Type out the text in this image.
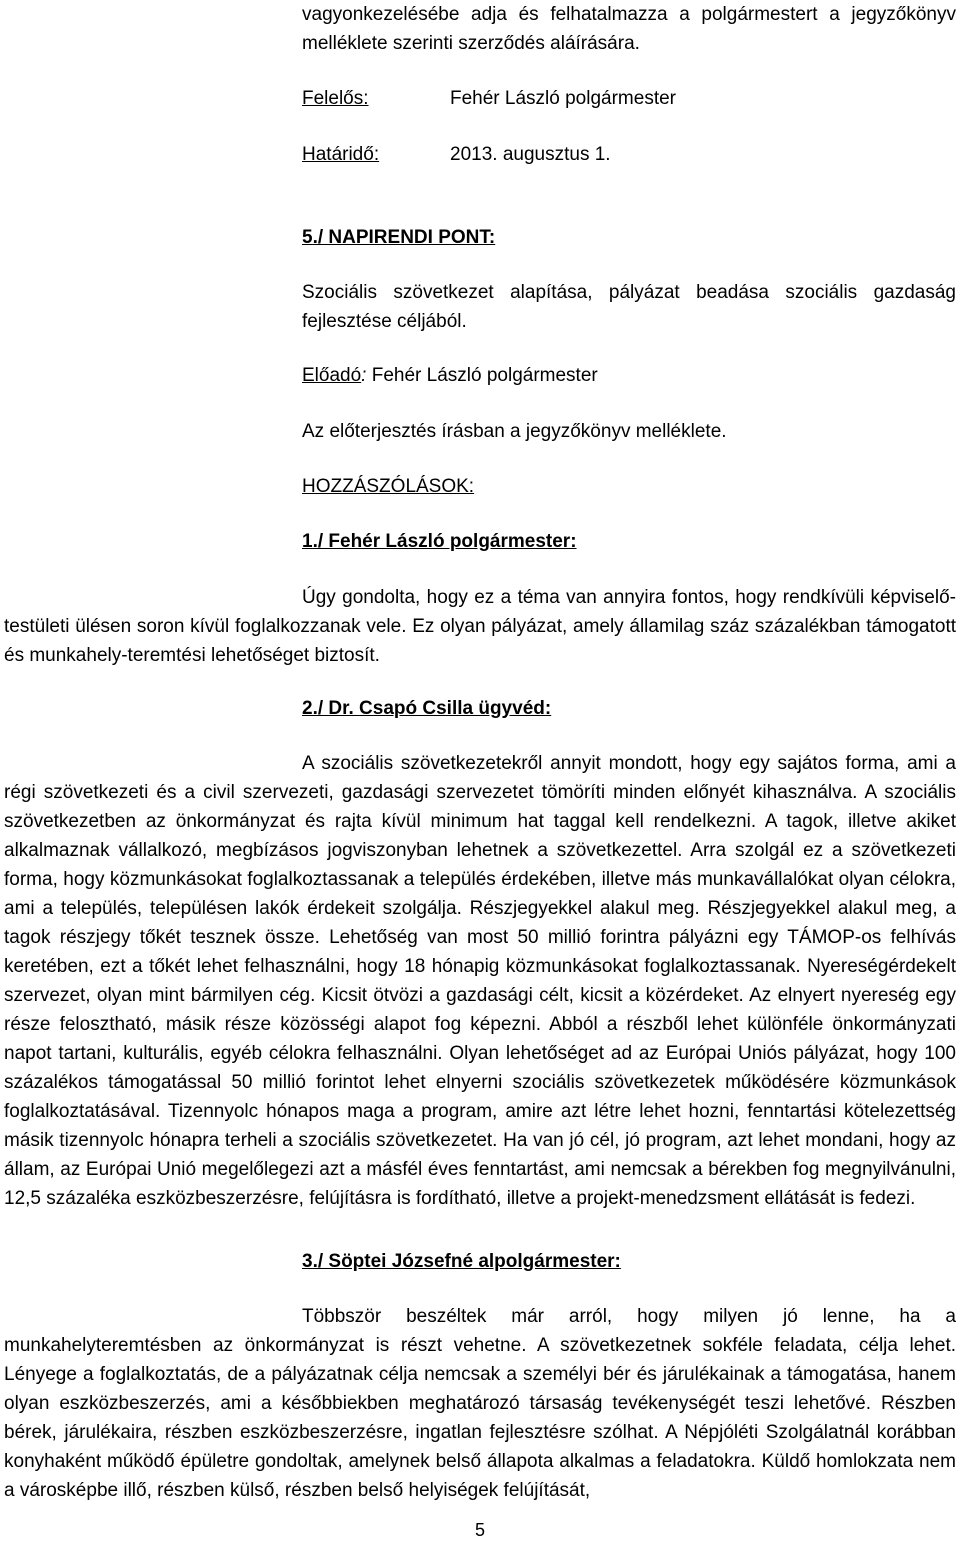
vagyonkezelésébe adja és felhatalmazza a polgármestert a jegyzőkönyv melléklete szerinti szerződés aláírására.

Felelős:	Fehér László polgármester

Határidő:	2013. augusztus 1.

5./ NAPIRENDI PONT:

Szociális szövetkezet alapítása, pályázat beadása szociális gazdaság fejlesztése céljából.

Előadó: Fehér László polgármester

Az előterjesztés írásban a jegyzőkönyv melléklete.

HOZZÁSZÓLÁSOK:

1./ Fehér László polgármester:

Úgy gondolta, hogy ez a téma van annyira fontos, hogy rendkívüli képviselő-testületi ülésen soron kívül foglalkozzanak vele. Ez olyan pályázat, amely államilag száz százalékban támogatott és munkahely-teremtési lehetőséget biztosít.

2./ Dr. Csapó Csilla ügyvéd:

A szociális szövetkezetekről annyit mondott, hogy egy sajátos forma, ami a régi szövetkezeti és a civil szervezeti, gazdasági szervezetet tömöríti minden előnyét kihasználva. A szociális szövetkezetben az önkormányzat és rajta kívül minimum hat taggal kell rendelkezni. A tagok, illetve akiket alkalmaznak vállalkozó, megbízásos jogviszonyban lehetnek a szövetkezettel. Arra szolgál ez a szövetkezeti forma, hogy közmunkásokat foglalkoztassanak a település érdekében, illetve más munkavállalókat olyan célokra, ami a település, településen lakók érdekeit szolgálja. Részjegyekkel alakul meg. Részjegyekkel alakul meg, a tagok részjegy tőkét tesznek össze. Lehetőség van most 50 millió forintra pályázni egy TÁMOP-os felhívás keretében, ezt a tőkét lehet felhasználni, hogy 18 hónapig közmunkásokat foglalkoztassanak. Nyereségérdekelt szervezet, olyan mint bármilyen cég. Kicsit ötvözi a gazdasági célt, kicsit a közérdeket. Az elnyert nyereség egy része felosztható, másik része közösségi alapot fog képezni. Abból a részből lehet különféle önkormányzati napot tartani, kulturális, egyéb célokra felhasználni. Olyan lehetőséget ad az Európai Uniós pályázat, hogy 100 százalékos támogatással 50 millió forintot lehet elnyerni szociális szövetkezetek működésére közmunkások foglalkoztatásával. Tizennyolc hónapos maga a program, amire azt létre lehet hozni, fenntartási kötelezettség másik tizennyolc hónapra terheli a szociális szövetkezetet. Ha van jó cél, jó program, azt lehet mondani, hogy az állam, az Európai Unió megelőlegezi azt a másfél éves fenntartást, ami nemcsak a bérekben fog megnyilvánulni, 12,5 százaléka eszközbeszerzésre, felújításra is fordítható, illetve a projekt-menedzsment ellátását is fedezi.

3./ Söptei Józsefné alpolgármester:

Többször beszéltek már arról, hogy milyen jó lenne, ha a munkahelyteremtésben az önkormányzat is részt vehetne. A szövetkezetnek sokféle feladata, célja lehet. Lényege a foglalkoztatás, de a pályázatnak célja nemcsak a személyi bér és járulékainak a támogatása, hanem olyan eszközbeszerzés, ami a későbbiekben meghatározó társaság tevékenységét teszi lehetővé. Részben bérek, járulékaira, részben eszközbeszerzésre, ingatlan fejlesztésre szólhat. A Népjóléti Szolgálatnál korábban konyhaként működő épületre gondoltak, amelynek belső állapota alkalmas a feladatokra. Küldő homlokzata nem a városképbe illő, részben külső, részben belső helyiségek felújítását,

5
